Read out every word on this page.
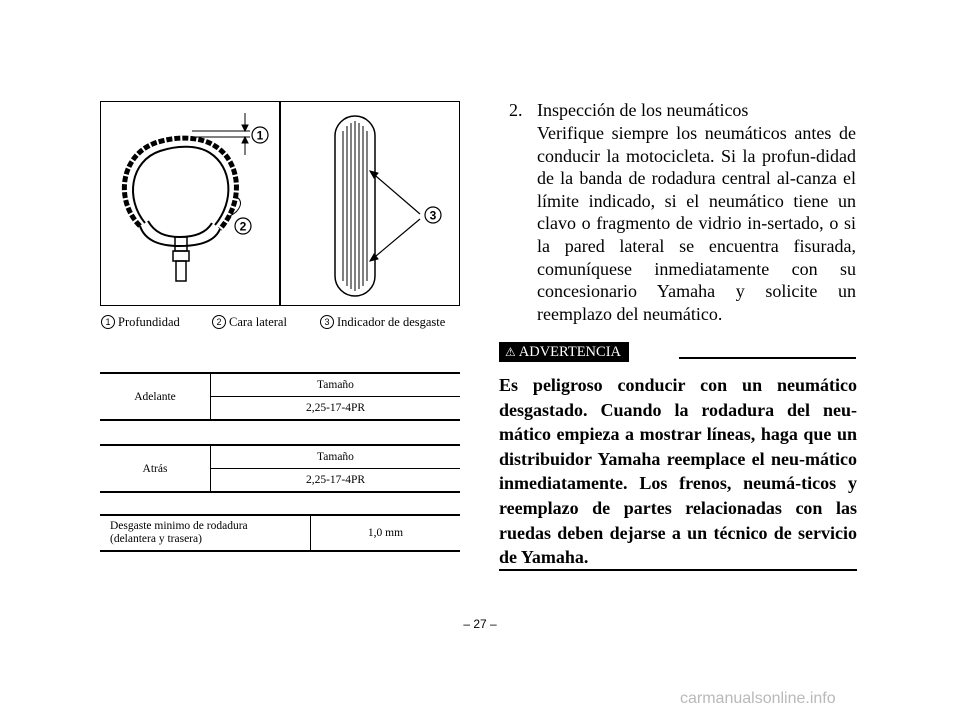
1
2
3
1 Profundidad	2 Cara lateral	3 Indicador de desgaste
Adelante	Tamaño
2,25-17-4PR
Atrás	Tamaño
2,25-17-4PR
Desgaste minimo de rodadura
(delantera y trasera)	1,0 mm
2. Inspección de los neumáticos
Verifique siempre los neumáticos antes de conducir la motocicleta. Si la profun-didad de la banda de rodadura central al-canza el límite indicado, si el neumático tiene un clavo o fragmento de vidrio in-sertado, o si la pared lateral se encuentra fisurada, comuníquese inmediatamente con su concesionario Yamaha y solicite un reemplazo del neumático.
⚠ ADVERTENCIA
Es peligroso conducir con un neumático desgastado. Cuando la rodadura del neu-mático empieza a mostrar líneas, haga que un distribuidor Yamaha reemplace el neu-mático inmediatamente. Los frenos, neumá-ticos y reemplazo de partes relacionadas con las ruedas deben dejarse a un técnico de servicio de Yamaha.
– 27 –
carmanualsonline.info
